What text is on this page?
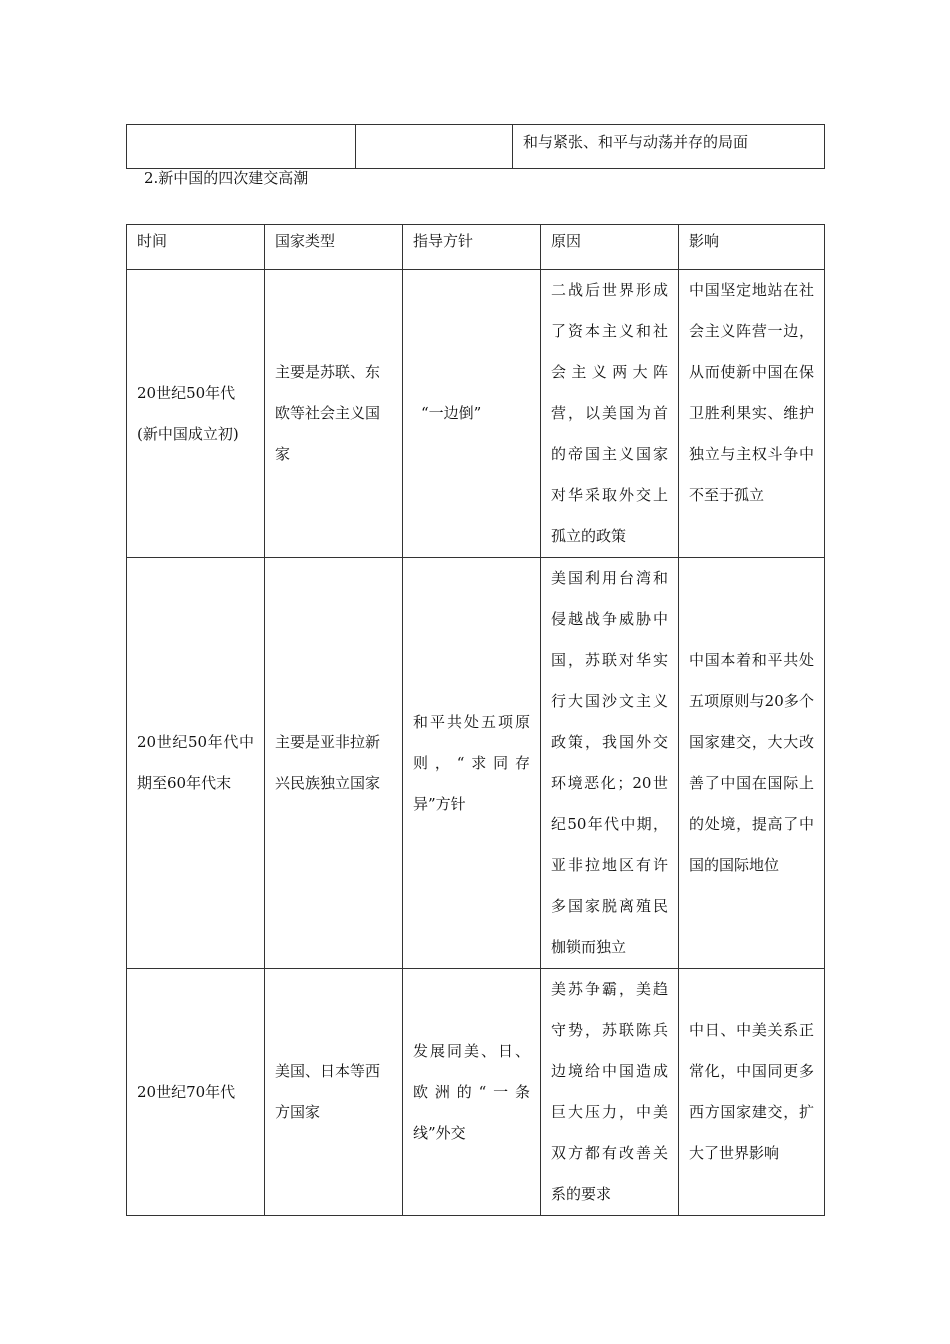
		和与紧张、和平与动荡并存的局面
2.新中国的四次建交高潮
时间	国家类型	指导方针	原因	影响
20世纪50年代(新中国成立初)	主要是苏联、东欧等社会主义国家	“一边倒”	二战后世界形成了资本主义和社会主义两大阵营，以美国为首的帝国主义国家对华采取外交上孤立的政策	中国坚定地站在社会主义阵营一边，从而使新中国在保卫胜利果实、维护独立与主权斗争中不至于孤立
20世纪50年代中期至60年代末	主要是亚非拉新兴民族独立国家	和平共处五项原则，“求同存异”方针	美国利用台湾和侵越战争威胁中国，苏联对华实行大国沙文主义政策，我国外交环境恶化；20世纪50年代中期，亚非拉地区有许多国家脱离殖民枷锁而独立	中国本着和平共处五项原则与20多个国家建交，大大改善了中国在国际上的处境，提高了中国的国际地位
20世纪70年代	美国、日本等西方国家	发展同美、日、欧洲的“一条线”外交	美苏争霸，美趋守势，苏联陈兵边境给中国造成巨大压力，中美双方都有改善关系的要求	中日、中美关系正常化，中国同更多西方国家建交，扩大了世界影响
